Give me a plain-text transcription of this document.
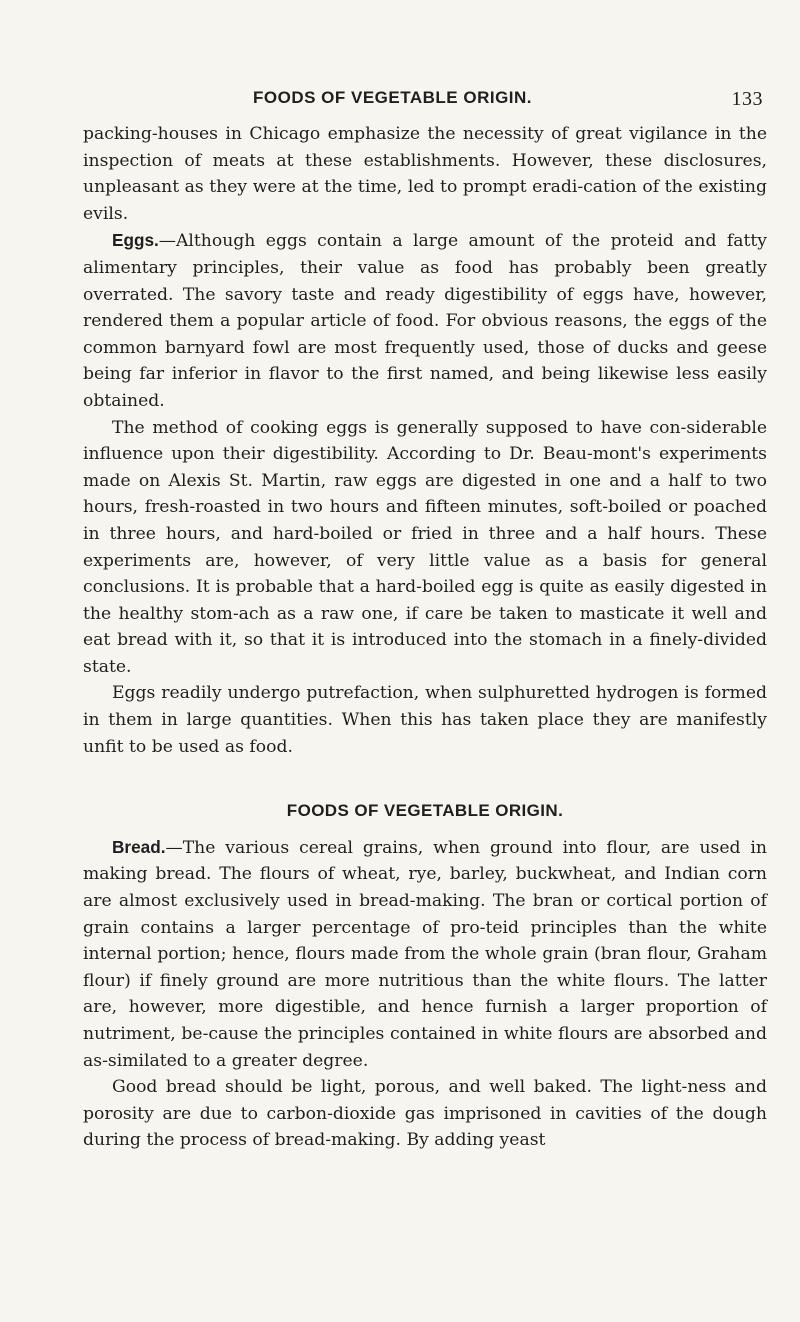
FOODS OF VEGETABLE ORIGIN.	133

packing-houses in Chicago emphasize the necessity of great vigilance in the inspection of meats at these establishments. However, these disclosures, unpleasant as they were at the time, led to prompt eradi-cation of the existing evils.

Eggs.—Although eggs contain a large amount of the proteid and fatty alimentary principles, their value as food has probably been greatly overrated. The savory taste and ready digestibility of eggs have, however, rendered them a popular article of food. For obvious reasons, the eggs of the common barnyard fowl are most frequently used, those of ducks and geese being far inferior in flavor to the first named, and being likewise less easily obtained.

The method of cooking eggs is generally supposed to have con-siderable influence upon their digestibility. According to Dr. Beau-mont's experiments made on Alexis St. Martin, raw eggs are digested in one and a half to two hours, fresh-roasted in two hours and fifteen minutes, soft-boiled or poached in three hours, and hard-boiled or fried in three and a half hours. These experiments are, however, of very little value as a basis for general conclusions. It is probable that a hard-boiled egg is quite as easily digested in the healthy stom-ach as a raw one, if care be taken to masticate it well and eat bread with it, so that it is introduced into the stomach in a finely-divided state.

Eggs readily undergo putrefaction, when sulphuretted hydrogen is formed in them in large quantities. When this has taken place they are manifestly unfit to be used as food.

FOODS OF VEGETABLE ORIGIN.

Bread.—The various cereal grains, when ground into flour, are used in making bread. The flours of wheat, rye, barley, buckwheat, and Indian corn are almost exclusively used in bread-making. The bran or cortical portion of grain contains a larger percentage of pro-teid principles than the white internal portion; hence, flours made from the whole grain (bran flour, Graham flour) if finely ground are more nutritious than the white flours. The latter are, however, more digestible, and hence furnish a larger proportion of nutriment, be-cause the principles contained in white flours are absorbed and as-similated to a greater degree.

Good bread should be light, porous, and well baked. The light-ness and porosity are due to carbon-dioxide gas imprisoned in cavities of the dough during the process of bread-making. By adding yeast
